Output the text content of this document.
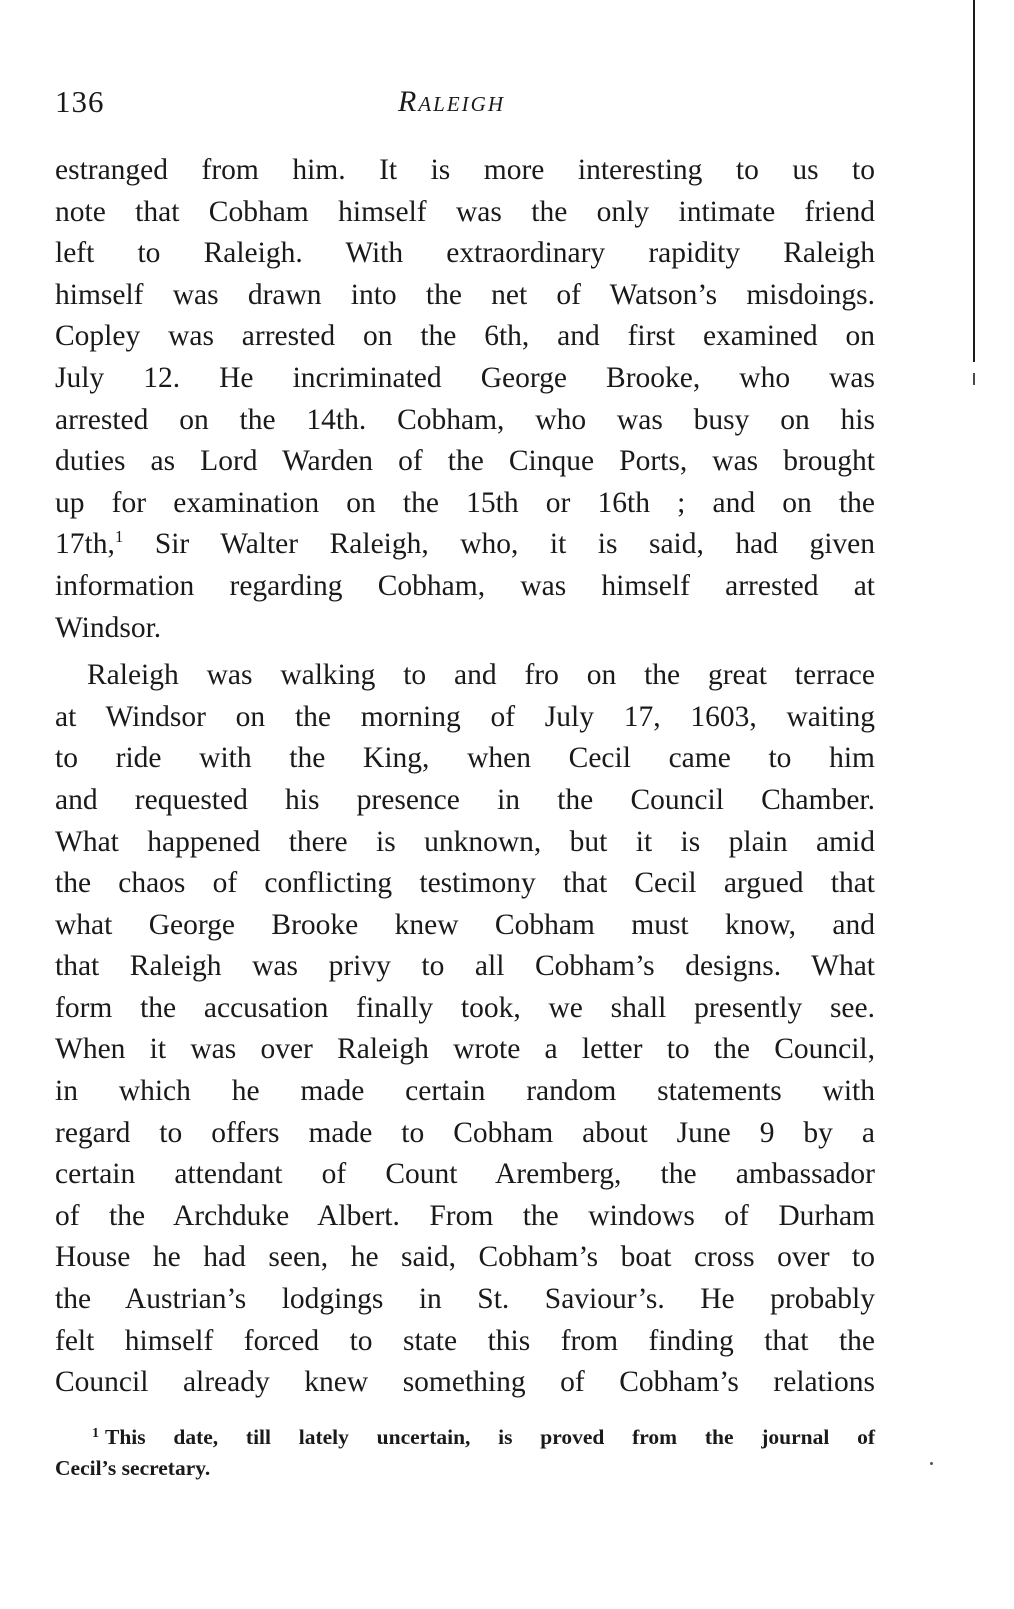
136	Raleigh
estranged from him. It is more interesting to us to
note that Cobham himself was the only intimate friend
left to Raleigh. With extraordinary rapidity Raleigh
himself was drawn into the net of Watson’s misdoings.
Copley was arrested on the 6th, and first examined on
July 12. He incriminated George Brooke, who was
arrested on the 14th. Cobham, who was busy on his
duties as Lord Warden of the Cinque Ports, was brought
up for examination on the 15th or 16th ; and on the
17th,$^1$ Sir Walter Raleigh, who, it is said, had given
information regarding Cobham, was himself arrested at
Windsor.
Raleigh was walking to and fro on the great terrace
at Windsor on the morning of July 17, 1603, waiting
to ride with the King, when Cecil came to him
and requested his presence in the Council Chamber.
What happened there is unknown, but it is plain amid
the chaos of conflicting testimony that Cecil argued that
what George Brooke knew Cobham must know, and
that Raleigh was privy to all Cobham’s designs. What
form the accusation finally took, we shall presently see.
When it was over Raleigh wrote a letter to the Council,
in which he made certain random statements with
regard to offers made to Cobham about June 9 by a
certain attendant of Count Aremberg, the ambassador
of the Archduke Albert. From the windows of Durham
House he had seen, he said, Cobham’s boat cross over to
the Austrian’s lodgings in St. Saviour’s. He probably
felt himself forced to state this from finding that the
Council already knew something of Cobham’s relations
$^1$ This date, till lately uncertain, is proved from the journal of
Cecil’s secretary.
